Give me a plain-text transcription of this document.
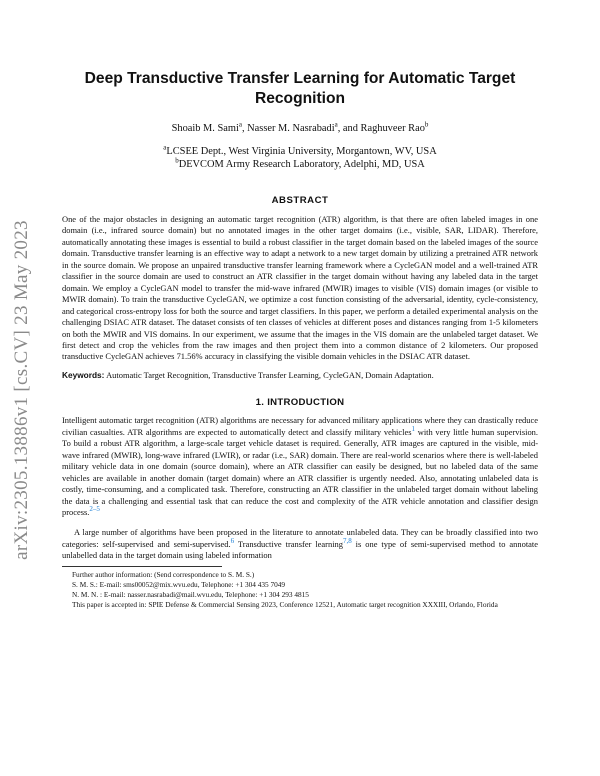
arXiv:2305.13886v1 [cs.CV] 23 May 2023
Deep Transductive Transfer Learning for Automatic Target Recognition
Shoaib M. Sami$^a$, Nasser M. Nasrabadi$^a$, and Raghuveer Rao$^b$
$^a$LCSEE Dept., West Virginia University, Morgantown, WV, USA
$^b$DEVCOM Army Research Laboratory, Adelphi, MD, USA
ABSTRACT
One of the major obstacles in designing an automatic target recognition (ATR) algorithm, is that there are often labeled images in one domain (i.e., infrared source domain) but no annotated images in the other target domains (i.e., visible, SAR, LIDAR). Therefore, automatically annotating these images is essential to build a robust classifier in the target domain based on the labeled images of the source domain. Transductive transfer learning is an effective way to adapt a network to a new target domain by utilizing a pretrained ATR network in the source domain. We propose an unpaired transductive transfer learning framework where a CycleGAN model and a well-trained ATR classifier in the source domain are used to construct an ATR classifier in the target domain without having any labeled data in the target domain. We employ a CycleGAN model to transfer the mid-wave infrared (MWIR) images to visible (VIS) domain images (or visible to MWIR domain). To train the transductive CycleGAN, we optimize a cost function consisting of the adversarial, identity, cycle-consistency, and categorical cross-entropy loss for both the source and target classifiers. In this paper, we perform a detailed experimental analysis on the challenging DSIAC ATR dataset. The dataset consists of ten classes of vehicles at different poses and distances ranging from 1-5 kilometers on both the MWIR and VIS domains. In our experiment, we assume that the images in the VIS domain are the unlabeled target dataset. We first detect and crop the vehicles from the raw images and then project them into a common distance of 2 kilometers. Our proposed transductive CycleGAN achieves 71.56% accuracy in classifying the visible domain vehicles in the DSIAC ATR dataset.
Keywords: Automatic Target Recognition, Transductive Transfer Learning, CycleGAN, Domain Adaptation.
1. INTRODUCTION

Intelligent automatic target recognition (ATR) algorithms are necessary for advanced military applications where they can drastically reduce civilian casualties. ATR algorithms are expected to automatically detect and classify military vehicles$^1$ with very little human supervision. To build a robust ATR algorithm, a large-scale target vehicle dataset is required. Generally, ATR images are captured in the visible, mid-wave infrared (MWIR), long-wave infrared (LWIR), or radar (i.e., SAR) domain. There are real-world scenarios where there is well-labeled military vehicle data in one domain (source domain), where an ATR classifier can easily be designed, but no labeled data of the same vehicles are available in another domain (target domain) where an ATR classifier is urgently needed. Also, annotating unlabeled data is costly, time-consuming, and a complicated task. Therefore, constructing an ATR classifier in the unlabeled target domain without labeling the data is a challenging and essential task that can reduce the cost and complexity of the ATR vehicle annotation and classifier design process.$^{2-5}$

A large number of algorithms have been proposed in the literature to annotate unlabeled data. They can be broadly classified into two categories: self-supervised and semi-supervised.$^6$ Transductive transfer learning$^{7,8}$ is one type of semi-supervised method to annotate unlabelled data in the target domain using labeled information

Further author information: (Send correspondence to S. M. S.)
S. M. S.: E-mail: sms00052@mix.wvu.edu, Telephone: +1 304 435 7049
N. M. N. : E-mail: nasser.nasrabadi@mail.wvu.edu, Telephone: +1 304 293 4815
This paper is accepted in: SPIE Defense & Commercial Sensing 2023, Conference 12521, Automatic target recognition XXXIII, Orlando, Florida
